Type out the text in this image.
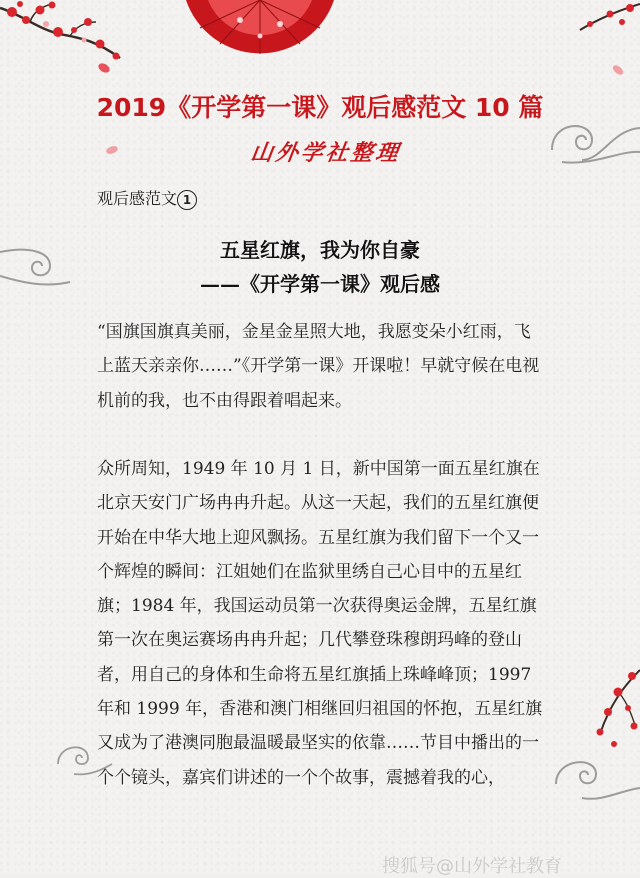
2019《开学第一课》观后感范文 10 篇
山外学社整理
观后感范文 1
五星红旗，我为你自豪
——《开学第一课》观后感
“国旗国旗真美丽，金星金星照大地，我愿变朵小红雨，飞上蓝天亲亲你……”《开学第一课》开课啦！早就守候在电视机前的我，也不由得跟着唱起来。
众所周知，1949 年 10 月 1 日，新中国第一面五星红旗在北京天安门广场冉冉升起。从这一天起，我们的五星红旗便开始在中华大地上迎风飘扬。五星红旗为我们留下一个又一个辉煌的瞬间：江姐她们在监狱里绣自己心目中的五星红旗；1984 年，我国运动员第一次获得奥运金牌，五星红旗第一次在奥运赛场冉冉升起；几代攀登珠穆朗玛峰的登山者，用自己的身体和生命将五星红旗插上珠峰峰顶；1997 年和 1999 年，香港和澳门相继回归祖国的怀抱，五星红旗又成为了港澳同胞最温暖最坚实的依靠……节目中播出的一个个镜头，嘉宾们讲述的一个个故事，震撼着我的心，
搜狐号@山外学社教育
